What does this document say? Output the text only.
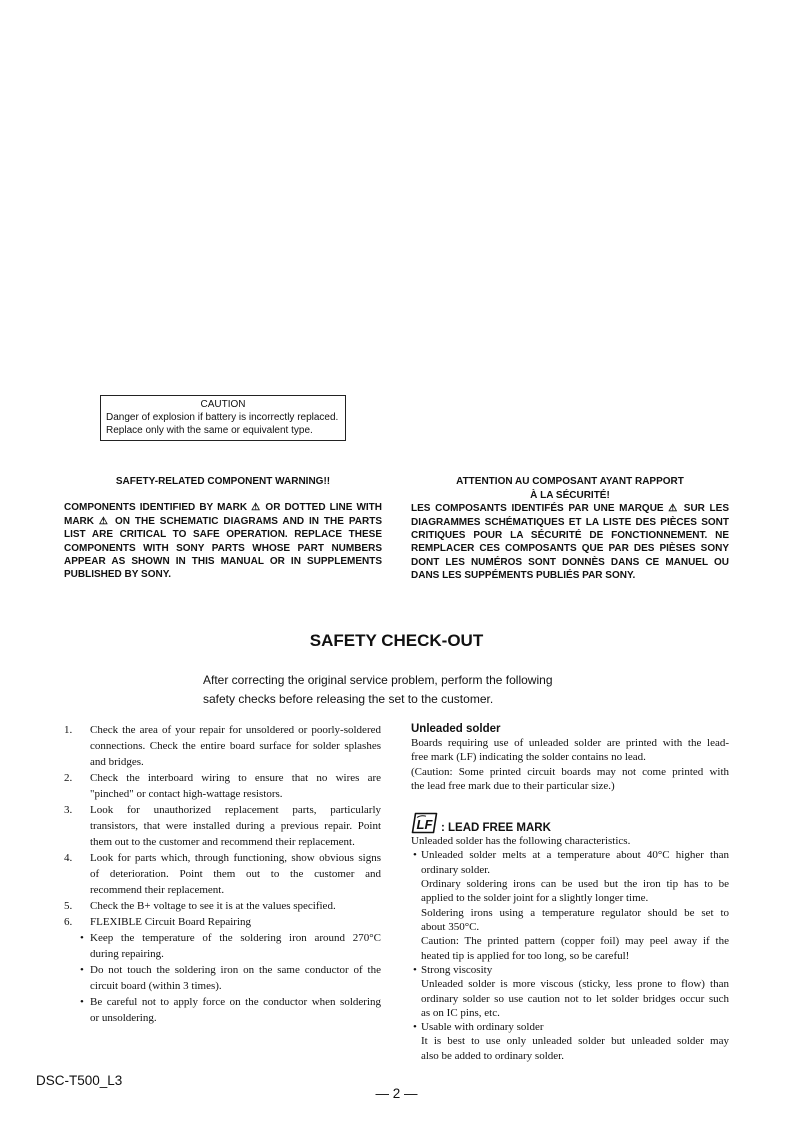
CAUTION
Danger of explosion if battery is incorrectly replaced.
Replace only with the same or equivalent type.
SAFETY-RELATED COMPONENT WARNING!!
COMPONENTS IDENTIFIED BY MARK ⚠ OR DOTTED LINE WITH
MARK ⚠ ON THE SCHEMATIC DIAGRAMS AND IN THE PARTS
LIST ARE CRITICAL TO SAFE OPERATION. REPLACE THESE
COMPONENTS WITH SONY PARTS WHOSE PART NUMBERS
APPEAR AS SHOWN IN THIS MANUAL OR IN SUPPLEMENTS
PUBLISHED BY SONY.
ATTENTION AU COMPOSANT AYANT RAPPORT
À LA SÉCURITÉ!
LES COMPOSANTS IDENTIFÉS PAR UNE MARQUE ⚠ SUR LES
DIAGRAMMES SCHÉMATIQUES ET LA LISTE DES PIÈCES SONT
CRITIQUES POUR LA SÉCURITÉ DE FONCTIONNEMENT. NE
REMPLACER CES COMPOSANTS QUE PAR DES PIÈSES SONY
DONT LES NUMÉROS SONT DONNÈS DANS CE MANUEL OU
DANS LES SUPPÉMENTS PUBLIÉS PAR SONY.
SAFETY CHECK-OUT
After correcting the original service problem, perform the following
safety checks before releasing the set to the customer.
1. Check the area of your repair for unsoldered or poorly-soldered
connections. Check the entire board surface for solder splashes
and bridges.
2. Check the interboard wiring to ensure that no wires are
"pinched" or contact high-wattage resistors.
3. Look for unauthorized replacement parts, particularly
transistors, that were installed during a previous repair. Point
them out to the customer and recommend their replacement.
4. Look for parts which, through functioning, show obvious signs
of deterioration. Point them out to the customer and
recommend their replacement.
5. Check the B+ voltage to see it is at the values specified.
6. FLEXIBLE Circuit Board Repairing
• Keep the temperature of the soldering iron around 270°C
during repairing.
• Do not touch the soldering iron on the same conductor of the
circuit board (within 3 times).
• Be careful not to apply force on the conductor when soldering
or unsoldering.
Unleaded solder
Boards requiring use of unleaded solder are printed with the lead-
free mark (LF) indicating the solder contains no lead.
(Caution: Some printed circuit boards may not come printed with
the lead free mark due to their particular size.)
LF : LEAD FREE MARK
Unleaded solder has the following characteristics.
• Unleaded solder melts at a temperature about 40°C higher than
ordinary solder.
Ordinary soldering irons can be used but the iron tip has to be
applied to the solder joint for a slightly longer time.
Soldering irons using a temperature regulator should be set to
about 350°C.
Caution: The printed pattern (copper foil) may peel away if the
heated tip is applied for too long, so be careful!
• Strong viscosity
Unleaded solder is more viscous (sticky, less prone to flow) than
ordinary solder so use caution not to let solder bridges occur such
as on IC pins, etc.
• Usable with ordinary solder
It is best to use only unleaded solder but unleaded solder may
also be added to ordinary solder.
DSC-T500_L3
— 2 —
